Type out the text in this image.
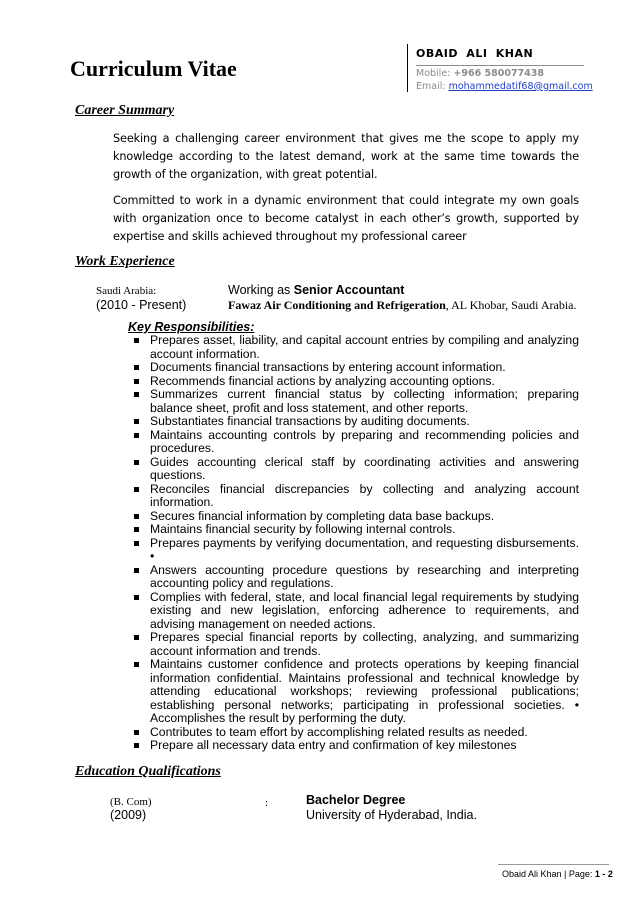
Curriculum Vitae
OBAID ALI KHAN
Mobile: +966 580077438
Email: mohammedatif68@gmail.com
Career Summary
Seeking a challenging career environment that gives me the scope to apply my knowledge according to the latest demand, work at the same time towards the growth of the organization, with great potential.
Committed to work in a dynamic environment that could integrate my own goals with organization once to become catalyst in each other’s growth, supported by expertise and skills achieved throughout my professional career
Work Experience
Saudi Arabia:
(2010 - Present)
Working as Senior Accountant
Fawaz Air Conditioning and Refrigeration, AL Khobar, Saudi Arabia.
Key Responsibilities:
Prepares asset, liability, and capital account entries by compiling and analyzing account information.
Documents financial transactions by entering account information.
Recommends financial actions by analyzing accounting options.
Summarizes current financial status by collecting information; preparing balance sheet, profit and loss statement, and other reports.
Substantiates financial transactions by auditing documents.
Maintains accounting controls by preparing and recommending policies and procedures.
Guides accounting clerical staff by coordinating activities and answering questions.
Reconciles financial discrepancies by collecting and analyzing account information.
Secures financial information by completing data base backups.
Maintains financial security by following internal controls.
Prepares payments by verifying documentation, and requesting disbursements. •
Answers accounting procedure questions by researching and interpreting accounting policy and regulations.
Complies with federal, state, and local financial legal requirements by studying existing and new legislation, enforcing adherence to requirements, and advising management on needed actions.
Prepares special financial reports by collecting, analyzing, and summarizing account information and trends.
Maintains customer confidence and protects operations by keeping financial information confidential. Maintains professional and technical knowledge by attending educational workshops; reviewing professional publications; establishing personal networks; participating in professional societies. • Accomplishes the result by performing the duty.
Contributes to team effort by accomplishing related results as needed.
Prepare all necessary data entry and confirmation of key milestones
Education Qualifications
(B. Com)
(2009)
:	Bachelor Degree
University of Hyderabad, India.
Obaid Ali Khan | Page: 1 - 2
